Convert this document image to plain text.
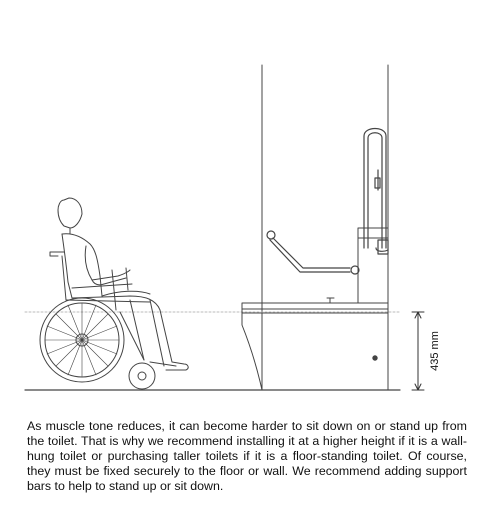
435 mm

As muscle tone reduces, it can become harder to sit down on or stand up from the toilet. That is why we recommend installing it at a higher height if it is a wall-hung toilet or purchasing taller toilets if it is a floor-standing toilet. Of course, they must be fixed securely to the floor or wall. We recommend adding support bars to help to stand up or sit down.
